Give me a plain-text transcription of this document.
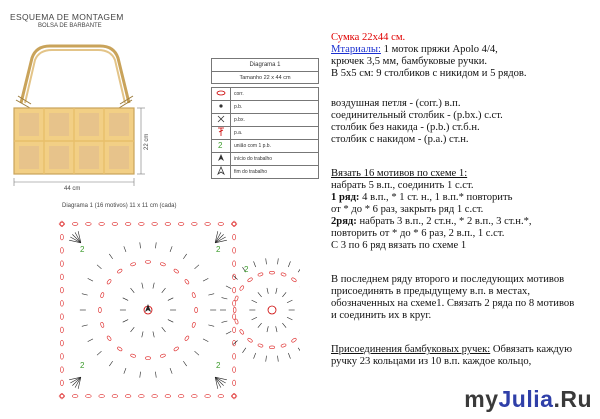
ESQUEMA DE MONTAGEM
BOLSA DE BARBANTE
44 cm
22 cm
Diagrama 1
Tamanho 22 x 44 cm
	corr.
	p.b.
	p.bx.
	p.a.

2	união com 1 p.b.
	início do trabalho
	fim do trabalho
Diagrama 1 (16 motivos) 11 x 11 cm (cada)
2	2
2	2
2
Сумка 22х44 см.
Мтариалы: 1 моток пряжи Apolo 4/4,
крючек 3,5 мм, бамбуковые ручки.
В 5х5 см: 9 столбиков с никидом и 5 рядов.
воздушная петля - (corr.) в.п.
соединительный столбик - (p.bx.) с.ст.
столбик без накида - (p.b.) ст.б.н.
столбик с накидом - (p.a.) ст.н.
Вязать 16 мотивов по схеме 1:
набрать 5 в.п., соединить 1 с.ст.
1 ряд: 4 в.п., * 1 ст. н., 1 в.п.* повторить
от * до * 6 раз, закрыть ряд 1 с.ст.
2ряд: набрать 3 в.п., 2 ст.н., * 2 в.п., 3 ст.н.*,
повторить от * до * 6 раз, 2 в.п., 1 с.ст.
С 3 по 6 ряд вязать по схеме 1
В последнем ряду второго и последующих мотивов
присоединять в предыдущему в.п. в местах,
обозначенных на схеме1. Связать 2 ряда по 8 мотивов
и соединить их в круг.
Присоединения бамбуковых ручек: Обвязать каждую
ручку 23 кольцами из 10 в.п. каждое кольцо,
myJulia.Ru
